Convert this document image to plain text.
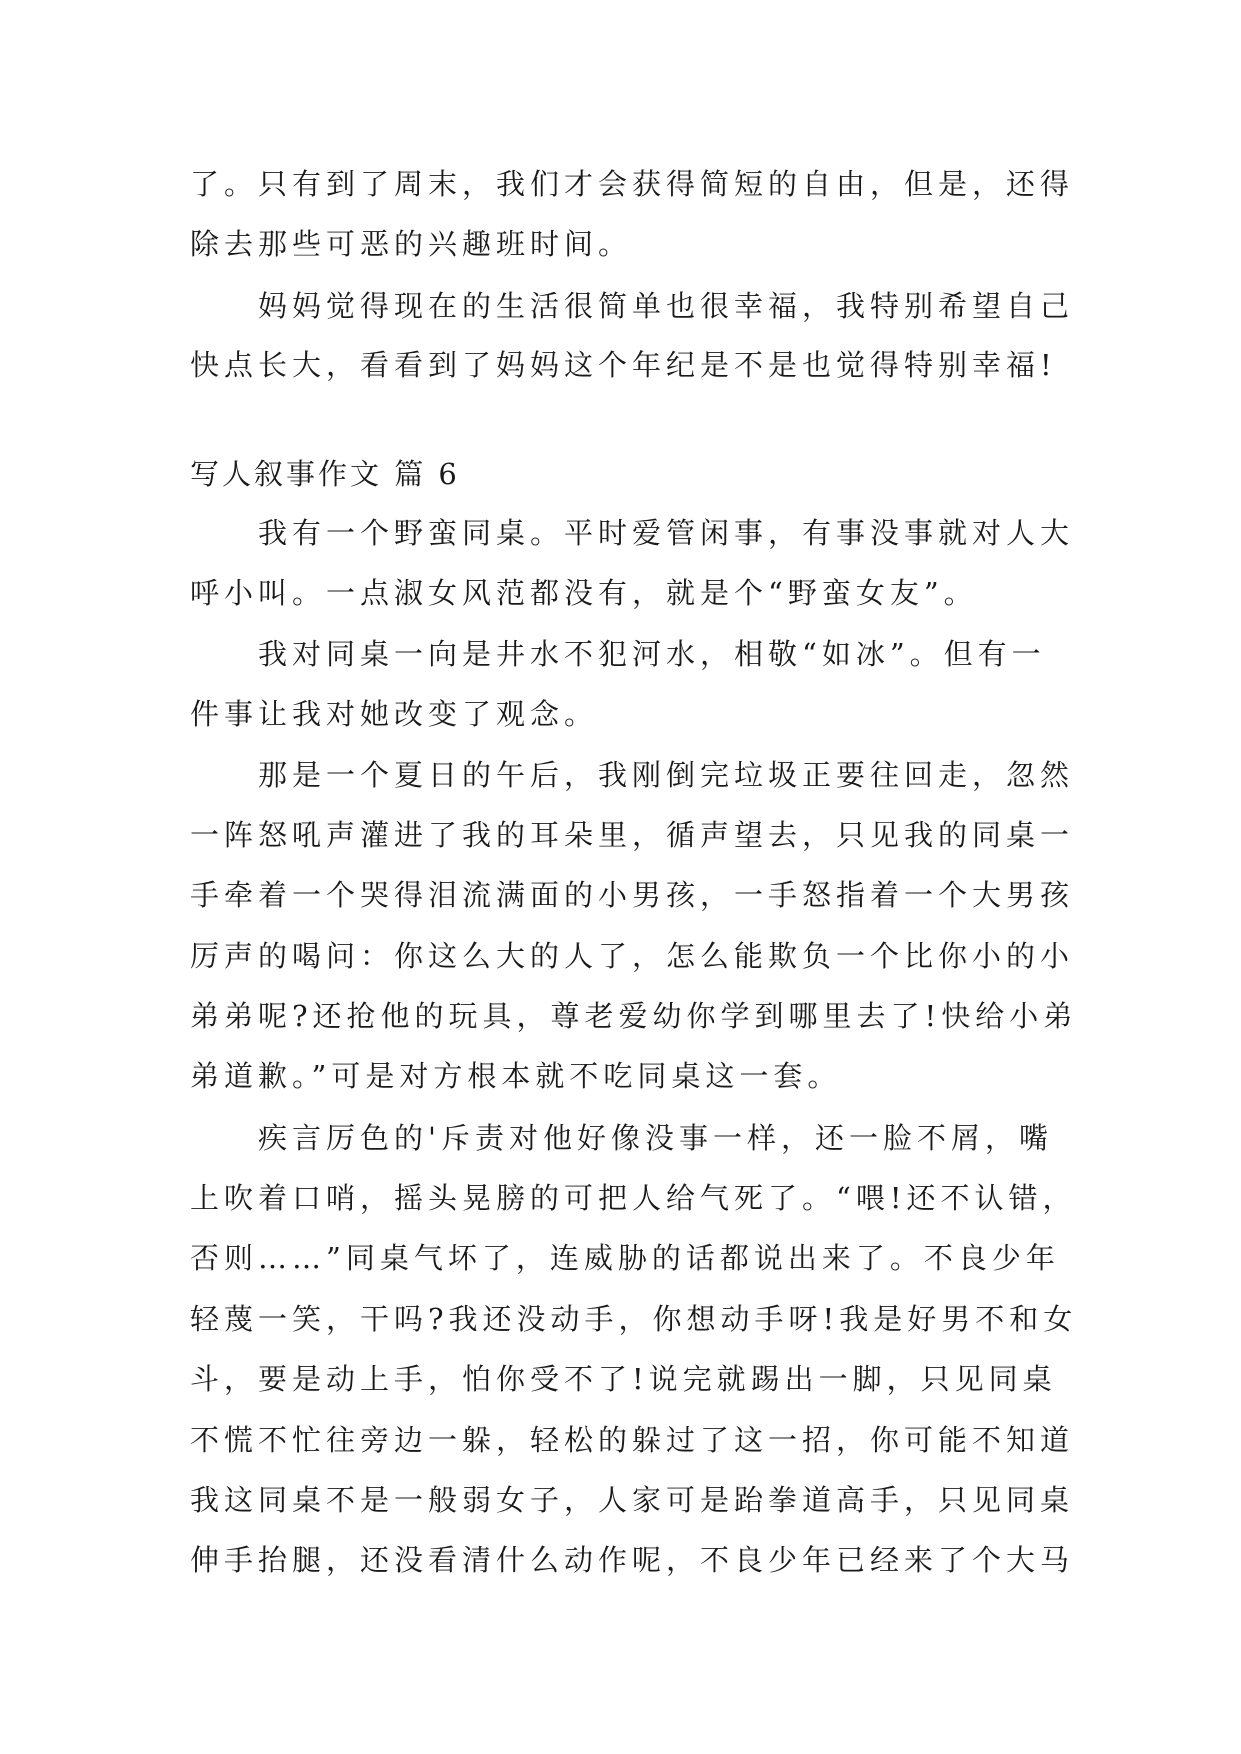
了。只有到了周末，我们才会获得简短的自由，但是，还得
除去那些可恶的兴趣班时间。
妈妈觉得现在的生活很简单也很幸福，我特别希望自己
快点长大，看看到了妈妈这个年纪是不是也觉得特别幸福!
写人叙事作文 篇 6
我有一个野蛮同桌。平时爱管闲事，有事没事就对人大
呼小叫。一点淑女风范都没有，就是个“野蛮女友”。
我对同桌一向是井水不犯河水，相敬“如冰”。但有一
件事让我对她改变了观念。
那是一个夏日的午后，我刚倒完垃圾正要往回走，忽然
一阵怒吼声灌进了我的耳朵里，循声望去，只见我的同桌一
手牵着一个哭得泪流满面的小男孩，一手怒指着一个大男孩
厉声的喝问：你这么大的人了，怎么能欺负一个比你小的小
弟弟呢?还抢他的玩具，尊老爱幼你学到哪里去了!快给小弟
弟道歉。”可是对方根本就不吃同桌这一套。
疾言厉色的'斥责对他好像没事一样，还一脸不屑，嘴
上吹着口哨，摇头晃膀的可把人给气死了。“喂!还不认错，
否则……”同桌气坏了，连威胁的话都说出来了。不良少年
轻蔑一笑，干吗?我还没动手，你想动手呀!我是好男不和女
斗，要是动上手，怕你受不了!说完就踢出一脚，只见同桌
不慌不忙往旁边一躲，轻松的躲过了这一招，你可能不知道
我这同桌不是一般弱女子，人家可是跆拳道高手，只见同桌
伸手抬腿，还没看清什么动作呢，不良少年已经来了个大马
